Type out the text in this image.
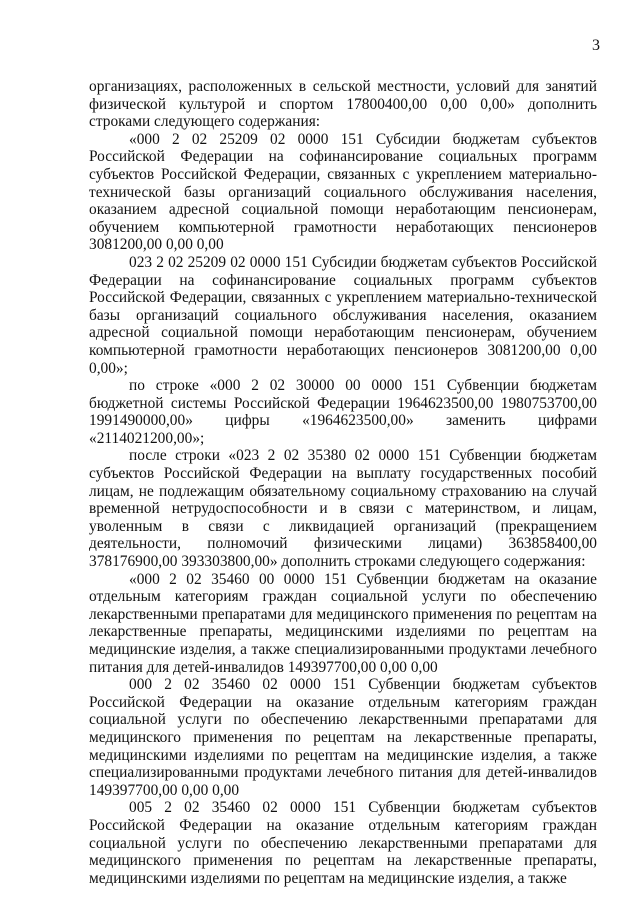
3

организациях, расположенных в сельской местности, условий для занятий физической культурой и спортом 17800400,00 0,00 0,00» дополнить строками следующего содержания:

«000 2 02 25209 02 0000 151 Субсидии бюджетам субъектов Российской Федерации на софинансирование социальных программ субъектов Российской Федерации, связанных с укреплением материально-технической базы организаций социального обслуживания населения, оказанием адресной социальной помощи неработающим пенсионерам, обучением компьютерной грамотности неработающих пенсионеров 3081200,00 0,00 0,00

023 2 02 25209 02 0000 151 Субсидии бюджетам субъектов Российской Федерации на софинансирование социальных программ субъектов Российской Федерации, связанных с укреплением материально-технической базы организаций социального обслуживания населения, оказанием адресной социальной помощи неработающим пенсионерам, обучением компьютерной грамотности неработающих пенсионеров 3081200,00 0,00 0,00»;

по строке «000 2 02 30000 00 0000 151 Субвенции бюджетам бюджетной системы Российской Федерации 1964623500,00 1980753700,00 1991490000,00» цифры «1964623500,00» заменить цифрами «2114021200,00»;

после строки «023 2 02 35380 02 0000 151 Субвенции бюджетам субъектов Российской Федерации на выплату государственных пособий лицам, не подлежащим обязательному социальному страхованию на случай временной нетрудоспособности и в связи с материнством, и лицам, уволенным в связи с ликвидацией организаций (прекращением деятельности, полномочий физическими лицами) 363858400,00 378176900,00 393303800,00» дополнить строками следующего содержания:

«000 2 02 35460 00 0000 151 Субвенции бюджетам на оказание отдельным категориям граждан социальной услуги по обеспечению лекарственными препаратами для медицинского применения по рецептам на лекарственные препараты, медицинскими изделиями по рецептам на медицинские изделия, а также специализированными продуктами лечебного питания для детей-инвалидов 149397700,00 0,00 0,00

000 2 02 35460 02 0000 151 Субвенции бюджетам субъектов Российской Федерации на оказание отдельным категориям граждан социальной услуги по обеспечению лекарственными препаратами для медицинского применения по рецептам на лекарственные препараты, медицинскими изделиями по рецептам на медицинские изделия, а также специализированными продуктами лечебного питания для детей-инвалидов 149397700,00 0,00 0,00

005 2 02 35460 02 0000 151 Субвенции бюджетам субъектов Российской Федерации на оказание отдельным категориям граждан социальной услуги по обеспечению лекарственными препаратами для медицинского применения по рецептам на лекарственные препараты, медицинскими изделиями по рецептам на медицинские изделия, а также
